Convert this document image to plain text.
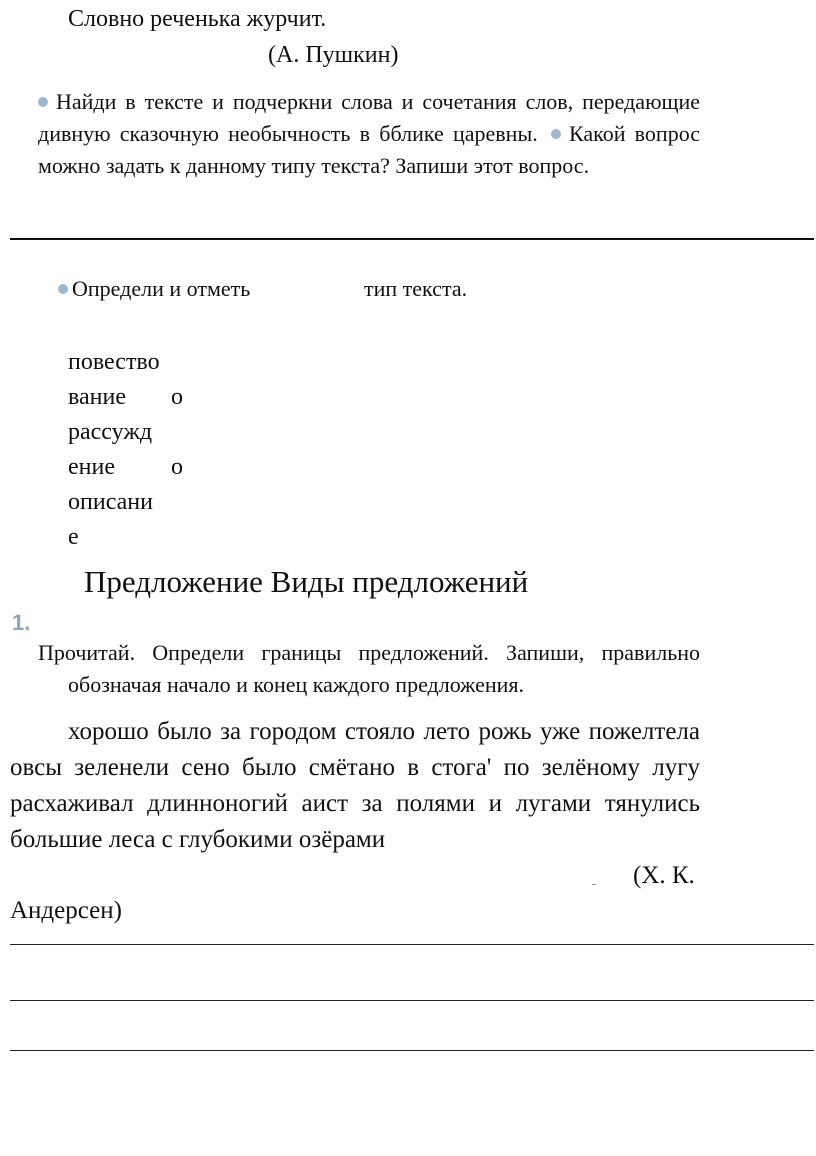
Словно реченька журчит.
(А. Пушкин)
Найди в тексте и подчеркни слова и сочетания слов, передающие дивную сказочную необычность в бблике царевны. Какой вопрос можно задать к данному типу текста? Запиши этот вопрос.
Определи и отметь	тип текста.
повество
вание о
рассужд
ение о
описани
е
Предложение Виды предложений
1.
Прочитай. Определи границы предложений. Запиши, правильно обозначая начало и конец каждого предложения.
хорошо было за городом стояло лето рожь уже пожелтела овсы зеленели сено было смётано в стога' по зелёному лугу расхаживал длинноногий аист за полями и лугами тянулись большие леса с глубокими озёрами
(Х. К.
Андерсен)
